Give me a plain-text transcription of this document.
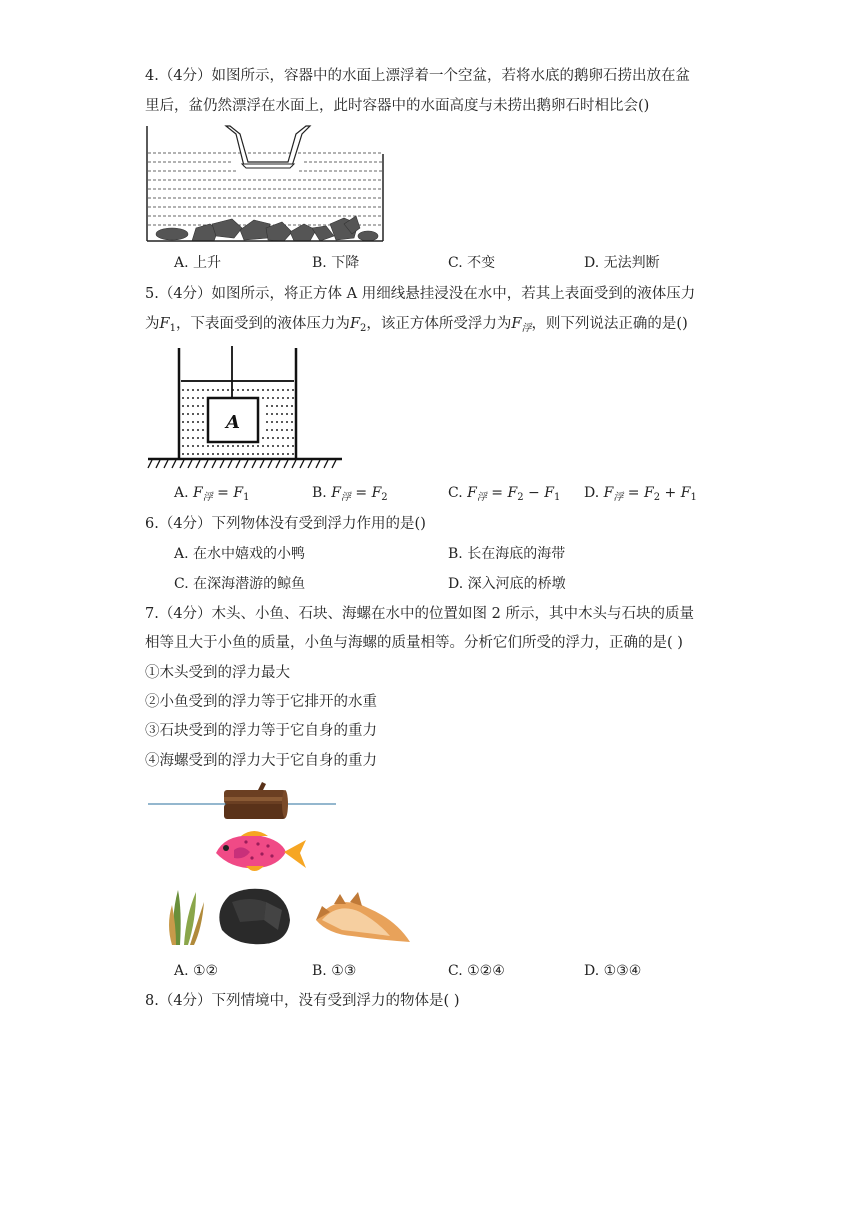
4.（4分）如图所示，容器中的水面上漂浮着一个空盆，若将水底的鹅卵石捞出放在盆
里后，盆仍然漂浮在水面上，此时容器中的水面高度与未捞出鹅卵石时相比会()
A. 上升	B. 下降	C. 不变	D. 无法判断
5.（4分）如图所示，将正方体 A 用细线悬挂浸没在水中，若其上表面受到的液体压力
为$F_1$，下表面受到的液体压力为$F_2$，该正方体所受浮力为$F_浮$，则下列说法正确的是()
A
A. $F_浮 = F_1$	B. $F_浮 = F_2$	C. $F_浮 = F_2 - F_1$ D. $F_浮 = F_2 + F_1$
6.（4分）下列物体没有受到浮力作用的是()
A. 在水中嬉戏的小鸭	B. 长在海底的海带
C. 在深海潜游的鲸鱼	D. 深入河底的桥墩
7.（4分）木头、小鱼、石块、海螺在水中的位置如图 2 所示，其中木头与石块的质量
相等且大于小鱼的质量，小鱼与海螺的质量相等。分析它们所受的浮力，正确的是( )
①木头受到的浮力最大
②小鱼受到的浮力等于它排开的水重
③石块受到的浮力等于它自身的重力
④海螺受到的浮力大于它自身的重力
A. ①②	B. ①③	C. ①②④	D. ①③④
8.（4分）下列情境中，没有受到浮力的物体是( )
